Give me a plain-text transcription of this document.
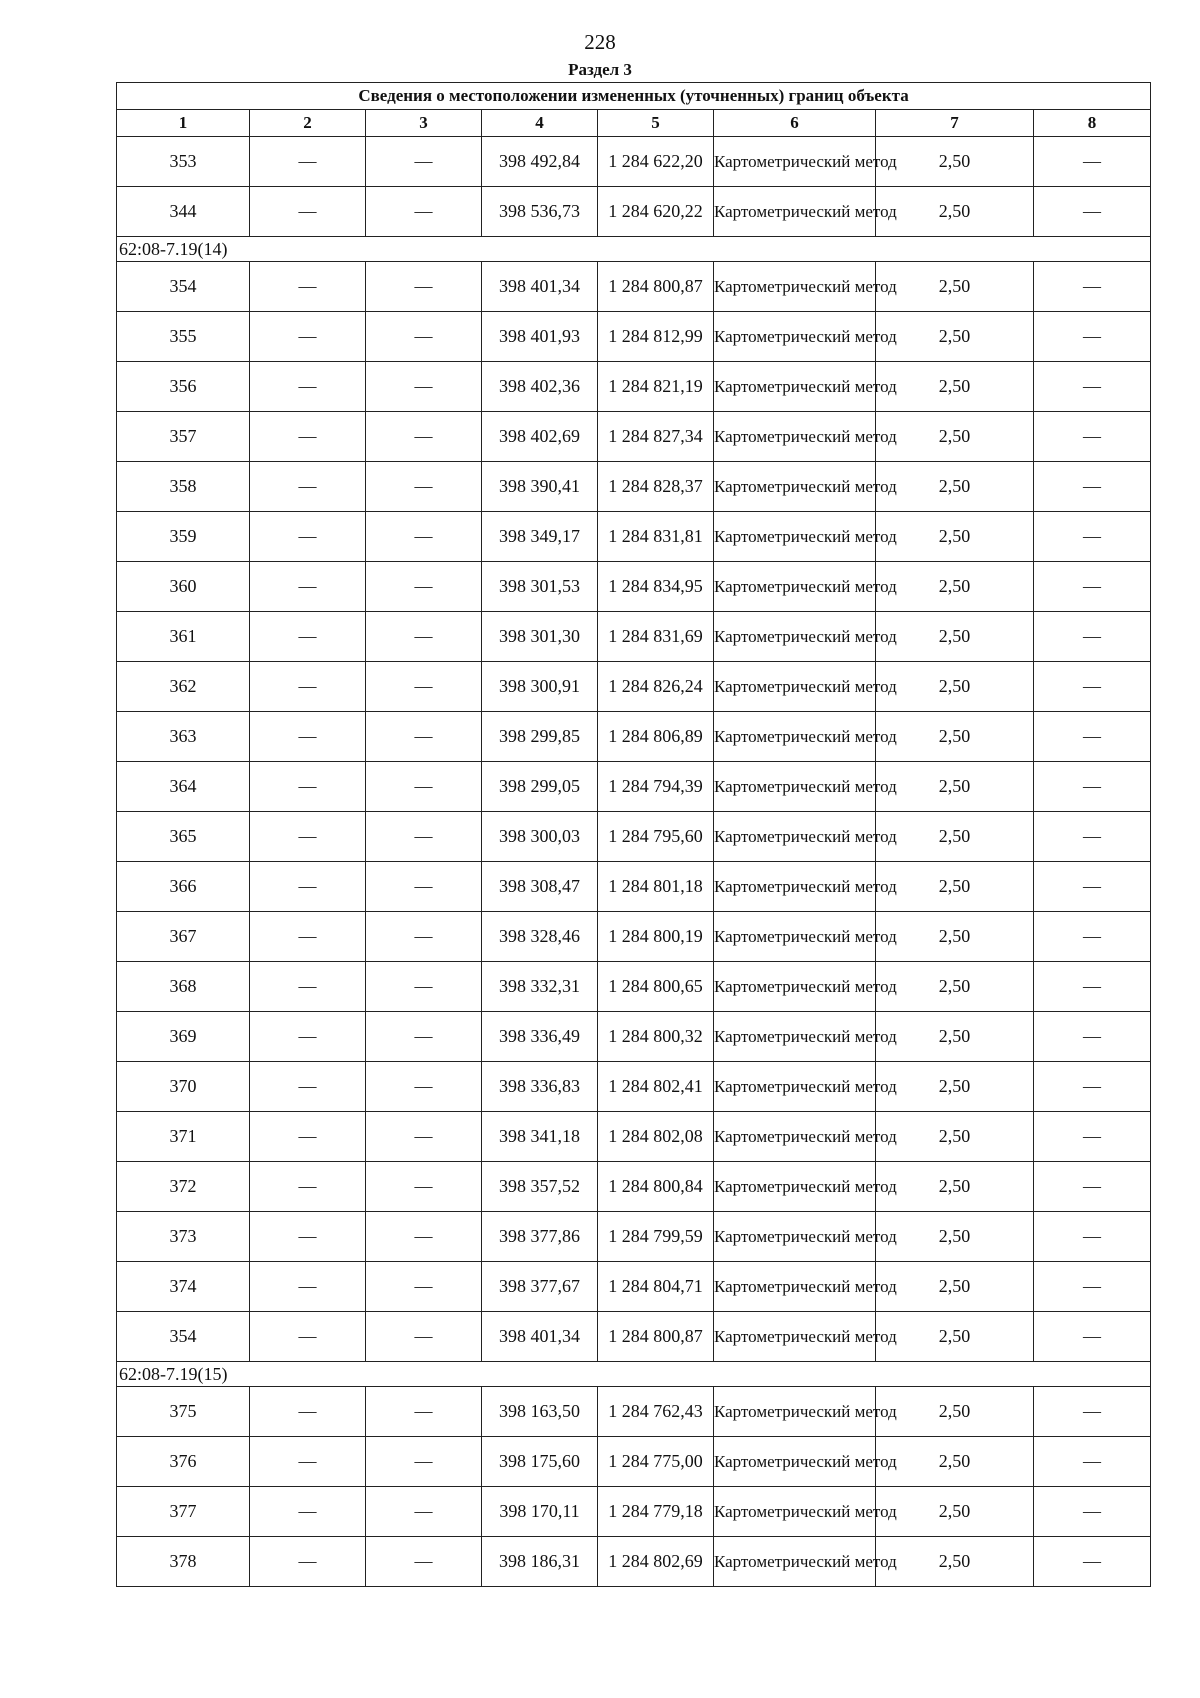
228
Раздел 3
Сведения о местоположении измененных (уточненных) границ объекта							
1	2	3	4	5	6	7	8
353	—	—	398 492,84	1 284 622,20	Картометрический метод	2,50	—
344	—	—	398 536,73	1 284 620,22	Картометрический метод	2,50	—
62:08-7.19(14)							
354	—	—	398 401,34	1 284 800,87	Картометрический метод	2,50	—
355	—	—	398 401,93	1 284 812,99	Картометрический метод	2,50	—
356	—	—	398 402,36	1 284 821,19	Картометрический метод	2,50	—
357	—	—	398 402,69	1 284 827,34	Картометрический метод	2,50	—
358	—	—	398 390,41	1 284 828,37	Картометрический метод	2,50	—
359	—	—	398 349,17	1 284 831,81	Картометрический метод	2,50	—
360	—	—	398 301,53	1 284 834,95	Картометрический метод	2,50	—
361	—	—	398 301,30	1 284 831,69	Картометрический метод	2,50	—
362	—	—	398 300,91	1 284 826,24	Картометрический метод	2,50	—
363	—	—	398 299,85	1 284 806,89	Картометрический метод	2,50	—
364	—	—	398 299,05	1 284 794,39	Картометрический метод	2,50	—
365	—	—	398 300,03	1 284 795,60	Картометрический метод	2,50	—
366	—	—	398 308,47	1 284 801,18	Картометрический метод	2,50	—
367	—	—	398 328,46	1 284 800,19	Картометрический метод	2,50	—
368	—	—	398 332,31	1 284 800,65	Картометрический метод	2,50	—
369	—	—	398 336,49	1 284 800,32	Картометрический метод	2,50	—
370	—	—	398 336,83	1 284 802,41	Картометрический метод	2,50	—
371	—	—	398 341,18	1 284 802,08	Картометрический метод	2,50	—
372	—	—	398 357,52	1 284 800,84	Картометрический метод	2,50	—
373	—	—	398 377,86	1 284 799,59	Картометрический метод	2,50	—
374	—	—	398 377,67	1 284 804,71	Картометрический метод	2,50	—
354	—	—	398 401,34	1 284 800,87	Картометрический метод	2,50	—
62:08-7.19(15)							
375	—	—	398 163,50	1 284 762,43	Картометрический метод	2,50	—
376	—	—	398 175,60	1 284 775,00	Картометрический метод	2,50	—
377	—	—	398 170,11	1 284 779,18	Картометрический метод	2,50	—
378	—	—	398 186,31	1 284 802,69	Картометрический метод	2,50	—
